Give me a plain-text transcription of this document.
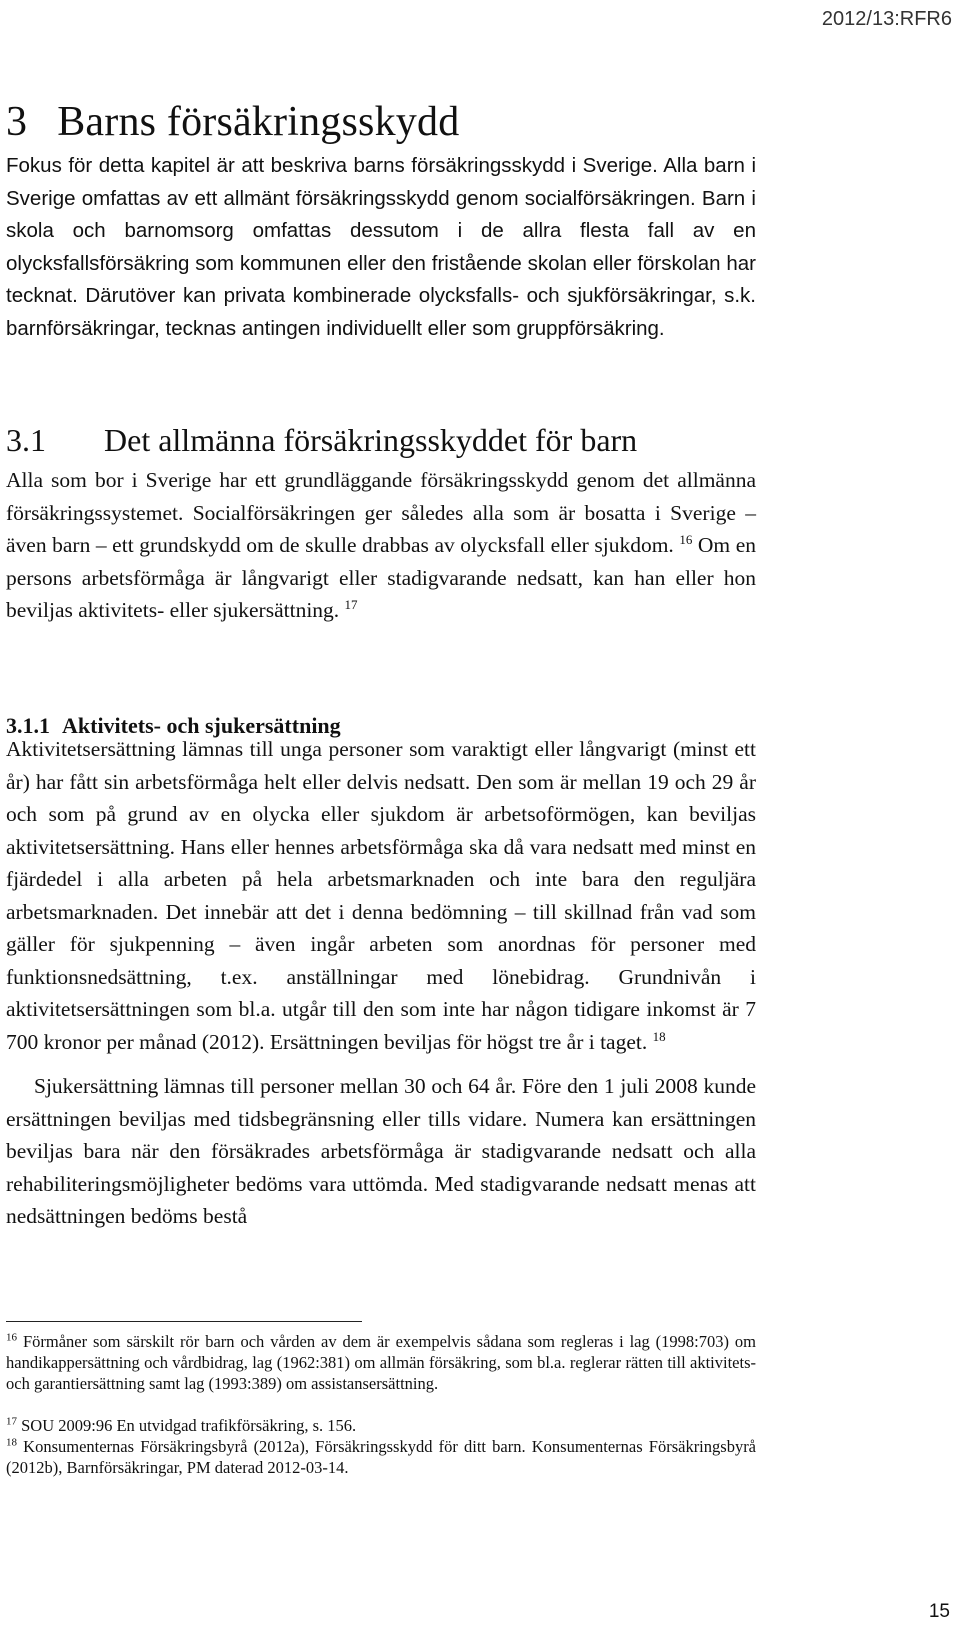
2012/13:RFR6
3 Barns försäkringsskydd

Fokus för detta kapitel är att beskriva barns försäkringsskydd i Sverige. Alla barn i Sverige omfattas av ett allmänt försäkringsskydd genom socialförsäkringen. Barn i skola och barnomsorg omfattas dessutom i de allra flesta fall av en olycksfallsförsäkring som kommunen eller den fristående skolan eller förskolan har tecknat. Därutöver kan privata kombinerade olycksfalls- och sjukförsäkringar, s.k. barnförsäkringar, tecknas antingen individuellt eller som gruppförsäkring.

3.1 Det allmänna försäkringsskyddet för barn

Alla som bor i Sverige har ett grundläggande försäkringsskydd genom det allmänna försäkringssystemet. Socialförsäkringen ger således alla som är bosatta i Sverige – även barn – ett grundskydd om de skulle drabbas av olycksfall eller sjukdom. $^{16}$ Om en persons arbetsförmåga är långvarigt eller stadigvarande nedsatt, kan han eller hon beviljas aktivitets- eller sjukersättning. $^{17}$

3.1.1 Aktivitets- och sjukersättning

Aktivitetsersättning lämnas till unga personer som varaktigt eller långvarigt (minst ett år) har fått sin arbetsförmåga helt eller delvis nedsatt. Den som är mellan 19 och 29 år och som på grund av en olycka eller sjukdom är arbetsoförmögen, kan beviljas aktivitetsersättning. Hans eller hennes arbetsförmåga ska då vara nedsatt med minst en fjärdedel i alla arbeten på hela arbetsmarknaden och inte bara den reguljära arbetsmarknaden. Det innebär att det i denna bedömning – till skillnad från vad som gäller för sjukpenning – även ingår arbeten som anordnas för personer med funktionsnedsättning, t.ex. anställningar med lönebidrag. Grundnivån i aktivitetsersättningen som bl.a. utgår till den som inte har någon tidigare inkomst är 7 700 kronor per månad (2012). Ersättningen beviljas för högst tre år i taget. $^{18}$

Sjukersättning lämnas till personer mellan 30 och 64 år. Före den 1 juli 2008 kunde ersättningen beviljas med tidsbegränsning eller tills vidare. Numera kan ersättningen beviljas bara när den försäkrades arbetsförmåga är stadigvarande nedsatt och alla rehabiliteringsmöjligheter bedöms vara uttömda. Med stadigvarande nedsatt menas att nedsättningen bedöms bestå

$^{16}$ Förmåner som särskilt rör barn och vården av dem är exempelvis sådana som regleras i lag (1998:703) om handikappersättning och vårdbidrag, lag (1962:381) om allmän försäkring, som bl.a. reglerar rätten till aktivitets- och garantiersättning samt lag (1993:389) om assistansersättning.

$^{17}$ SOU 2009:96 En utvidgad trafikförsäkring, s. 156.

$^{18}$ Konsumenternas Försäkringsbyrå (2012a), Försäkringsskydd för ditt barn. Konsumenternas Försäkringsbyrå (2012b), Barnförsäkringar, PM daterad 2012-03-14.

15
